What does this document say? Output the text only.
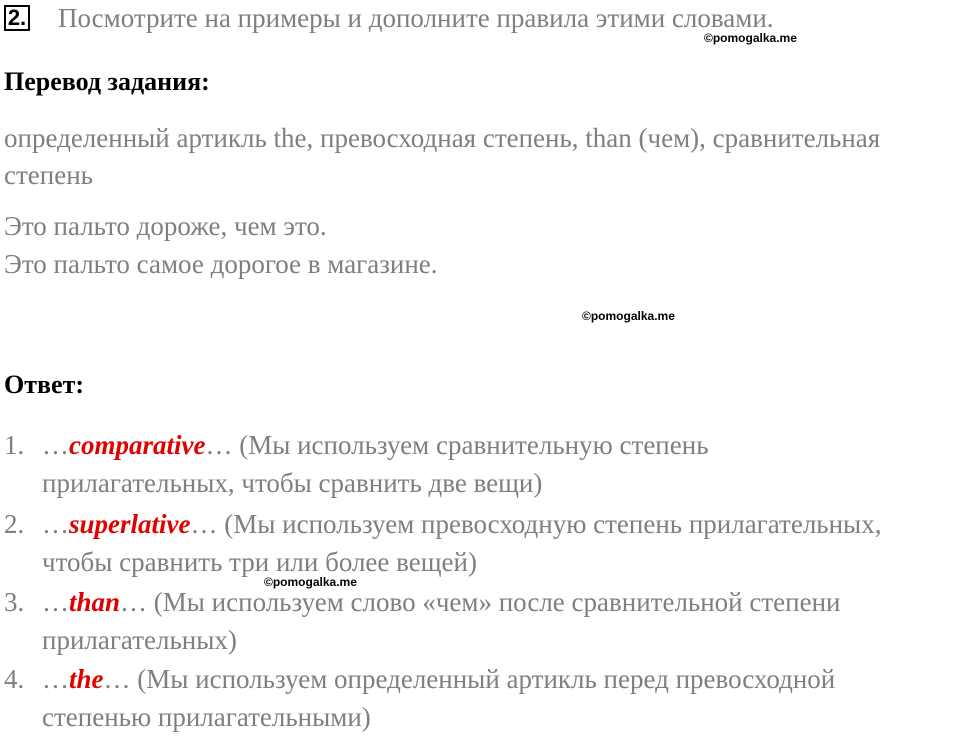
2. Посмотрите на примеры и дополните правила этими словами.
©pomogalka.me
Перевод задания:
определенный артикль the, превосходная степень, than (чем), сравнительная степень
Это пальто дороже, чем это.
Это пальто самое дорогое в магазине.
©pomogalka.me
Ответ:
1. …comparative… (Мы используем сравнительную степень
прилагательных, чтобы сравнить две вещи)
2. …superlative… (Мы используем превосходную степень прилагательных,
чтобы сравнить три или более вещей)
©pomogalka.me
3. …than… (Мы используем слово «чем» после сравнительной степени
прилагательных)
4. …the… (Мы используем определенный артикль перед превосходной
степенью прилагательными)
